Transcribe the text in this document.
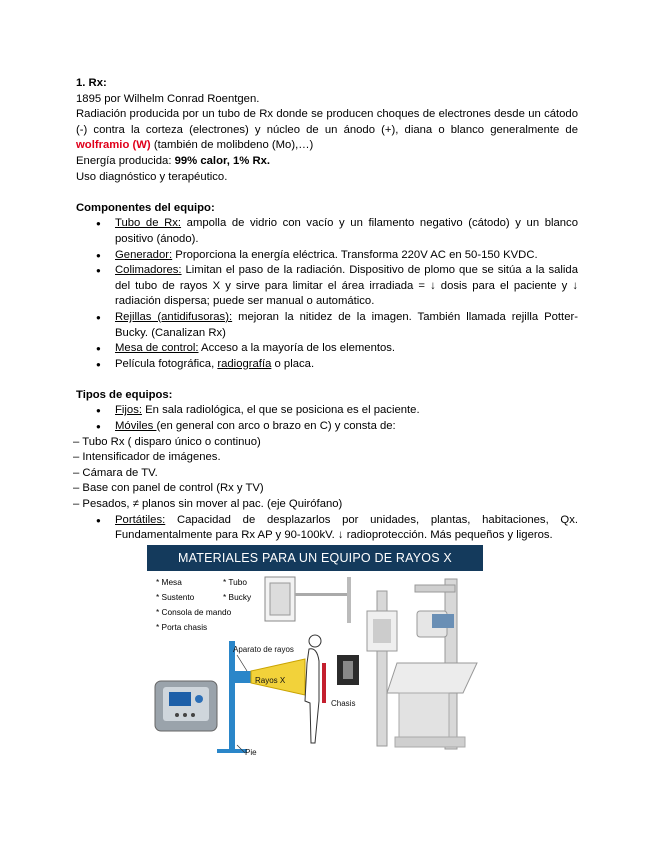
1. Rx:

1895 por Wilhelm Conrad Roentgen.

Radiación producida por un tubo de Rx donde se producen choques de electrones desde un cátodo (-) contra la corteza (electrones) y núcleo de un ánodo (+), diana o blanco generalmente de wolframio (W) (también de molibdeno (Mo),…)

Energía producida: 99% calor, 1% Rx.

Uso diagnóstico y terapéutico.

Componentes del equipo:

● Tubo de Rx: ampolla de vidrio con vacío y un filamento negativo (cátodo) y un blanco positivo (ánodo).
● Generador: Proporciona la energía eléctrica. Transforma 220V AC en 50-150 KVDC.
● Colimadores: Limitan el paso de la radiación. Dispositivo de plomo que se sitúa a la salida del tubo de rayos X y sirve para limitar el área irradiada = ↓ dosis para el paciente y ↓ radiación dispersa; puede ser manual o automático.
● Rejillas (antidifusoras): mejoran la nitidez de la imagen. También llamada rejilla Potter-Bucky. (Canalizan Rx)
● Mesa de control: Acceso a la mayoría de los elementos.
● Película fotográfica, radiografía o placa.

Tipos de equipos:

● Fijos: En sala radiológica, el que se posiciona es el paciente.
● Móviles (en general con arco o brazo en C) y consta de:

– Tubo Rx ( disparo único o continuo)

– Intensificador de imágenes.

– Cámara de TV.

– Base con panel de control (Rx y TV)

– Pesados, ≠ planos sin mover al pac. (eje Quirófano)

● Portátiles: Capacidad de desplazarlos por unidades, plantas, habitaciones, Qx. Fundamentalmente para Rx AP y 90-100kV. ↓ radioprotección. Más pequeños y ligeros.
MATERIALES PARA UN EQUIPO DE RAYOS X
* Mesa	* Tubo
* Sustento	* Bucky
* Consola de mando
* Porta chasis
Aparato de rayos
Rayos X
Chasis
Pie
